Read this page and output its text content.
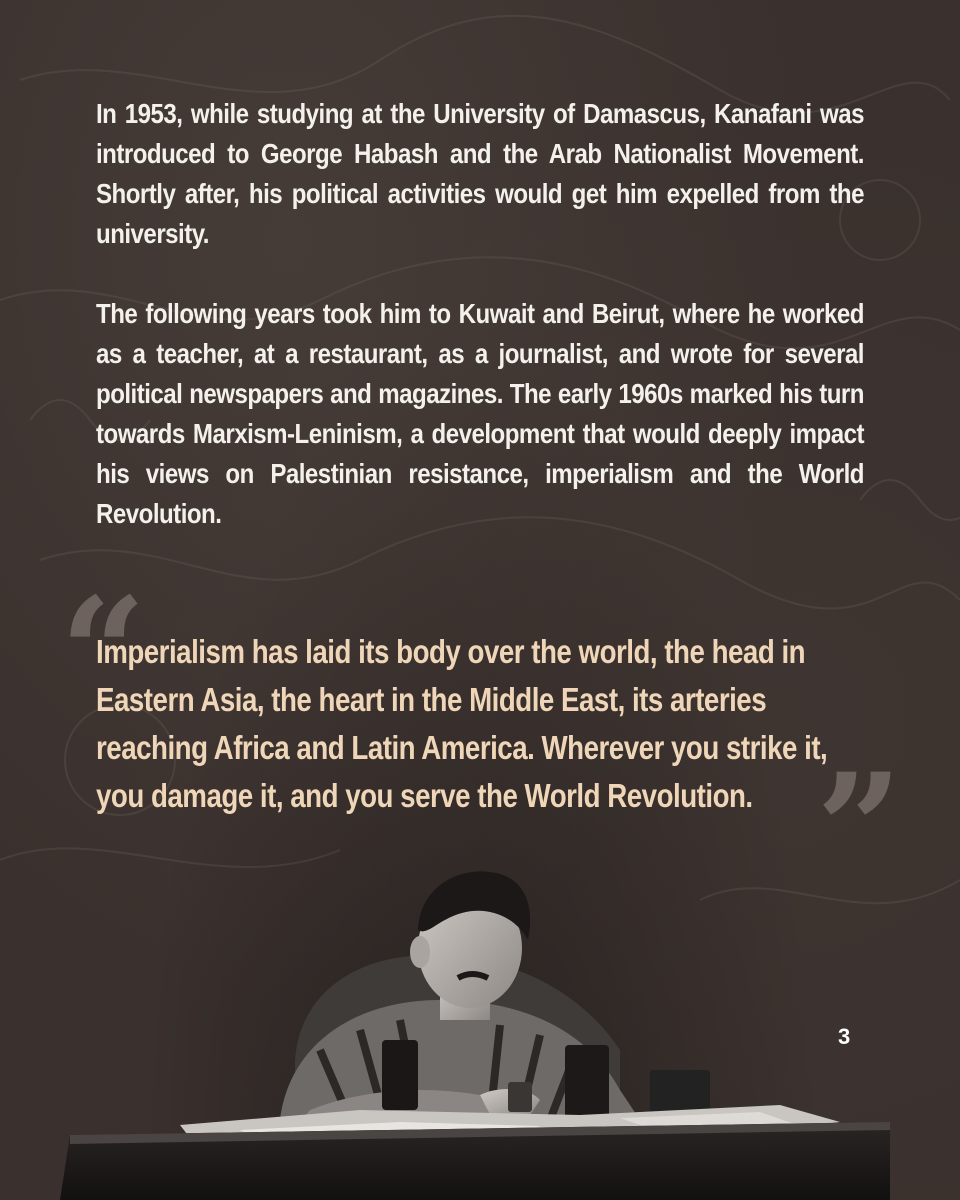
In 1953, while studying at the University of Damascus, Kanafani was introduced to George Habash and the Arab Nationalist Movement. Shortly after, his political activities would get him expelled from the university.

The following years took him to Kuwait and Beirut, where he worked as a teacher, at a restaurant, as a journalist, and wrote for several political newspapers and magazines. The early 1960s marked his turn towards Marxism-Leninism, a development that would deeply impact his views on Palestinian resistance, imperialism and the World Revolution.

“

Imperialism has laid its body over the world, the head in Eastern Asia, the heart in the Middle East, its arteries reaching Africa and Latin America. Wherever you strike it, you damage it, and you serve the World Revolution. ”
3
